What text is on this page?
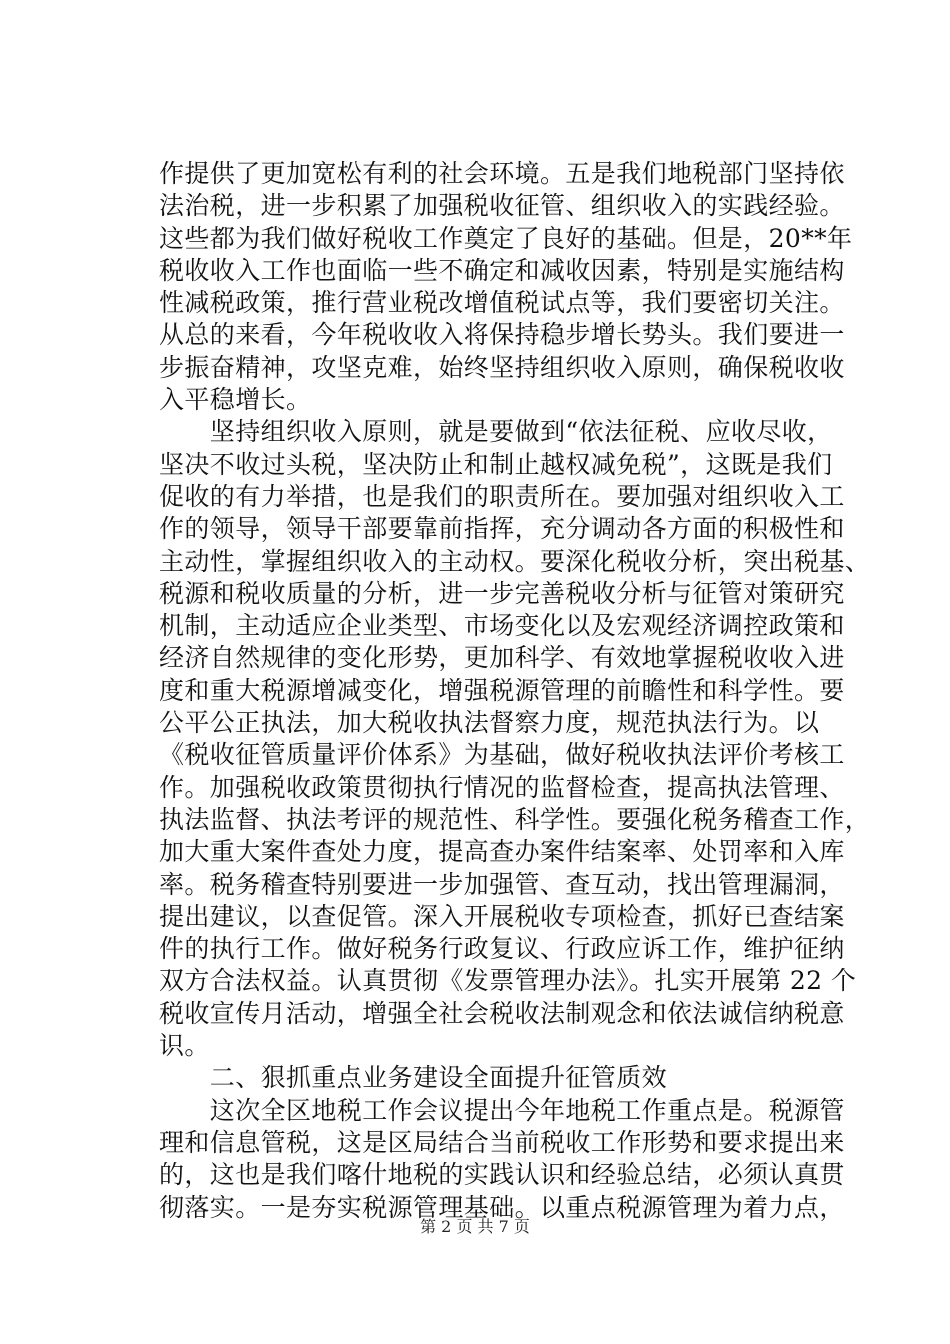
作提供了更加宽松有利的社会环境。五是我们地税部门坚持依
法治税，进一步积累了加强税收征管、组织收入的实践经验。
这些都为我们做好税收工作奠定了良好的基础。但是，20**年
税收收入工作也面临一些不确定和减收因素，特别是实施结构
性减税政策，推行营业税改增值税试点等，我们要密切关注。
从总的来看，今年税收收入将保持稳步增长势头。我们要进一
步振奋精神，攻坚克难，始终坚持组织收入原则，确保税收收
入平稳增长。
　　坚持组织收入原则，就是要做到“依法征税、应收尽收，
坚决不收过头税，坚决防止和制止越权减免税”，这既是我们
促收的有力举措，也是我们的职责所在。要加强对组织收入工
作的领导，领导干部要靠前指挥，充分调动各方面的积极性和
主动性，掌握组织收入的主动权。要深化税收分析，突出税基、
税源和税收质量的分析，进一步完善税收分析与征管对策研究
机制，主动适应企业类型、市场变化以及宏观经济调控政策和
经济自然规律的变化形势，更加科学、有效地掌握税收收入进
度和重大税源增减变化，增强税源管理的前瞻性和科学性。要
公平公正执法，加大税收执法督察力度，规范执法行为。以
《税收征管质量评价体系》为基础，做好税收执法评价考核工
作。加强税收政策贯彻执行情况的监督检查，提高执法管理、
执法监督、执法考评的规范性、科学性。要强化税务稽查工作，
加大重大案件查处力度，提高查办案件结案率、处罚率和入库
率。税务稽查特别要进一步加强管、查互动，找出管理漏洞，
提出建议，以查促管。深入开展税收专项检查，抓好已查结案
件的执行工作。做好税务行政复议、行政应诉工作，维护征纳
双方合法权益。认真贯彻《发票管理办法》。扎实开展第 22 个
税收宣传月活动，增强全社会税收法制观念和依法诚信纳税意
识。
　　二、狠抓重点业务建设全面提升征管质效
　　这次全区地税工作会议提出今年地税工作重点是。税源管
理和信息管税，这是区局结合当前税收工作形势和要求提出来
的，这也是我们喀什地税的实践认识和经验总结，必须认真贯
彻落实。一是夯实税源管理基础。以重点税源管理为着力点，
第 2 页 共 7 页
